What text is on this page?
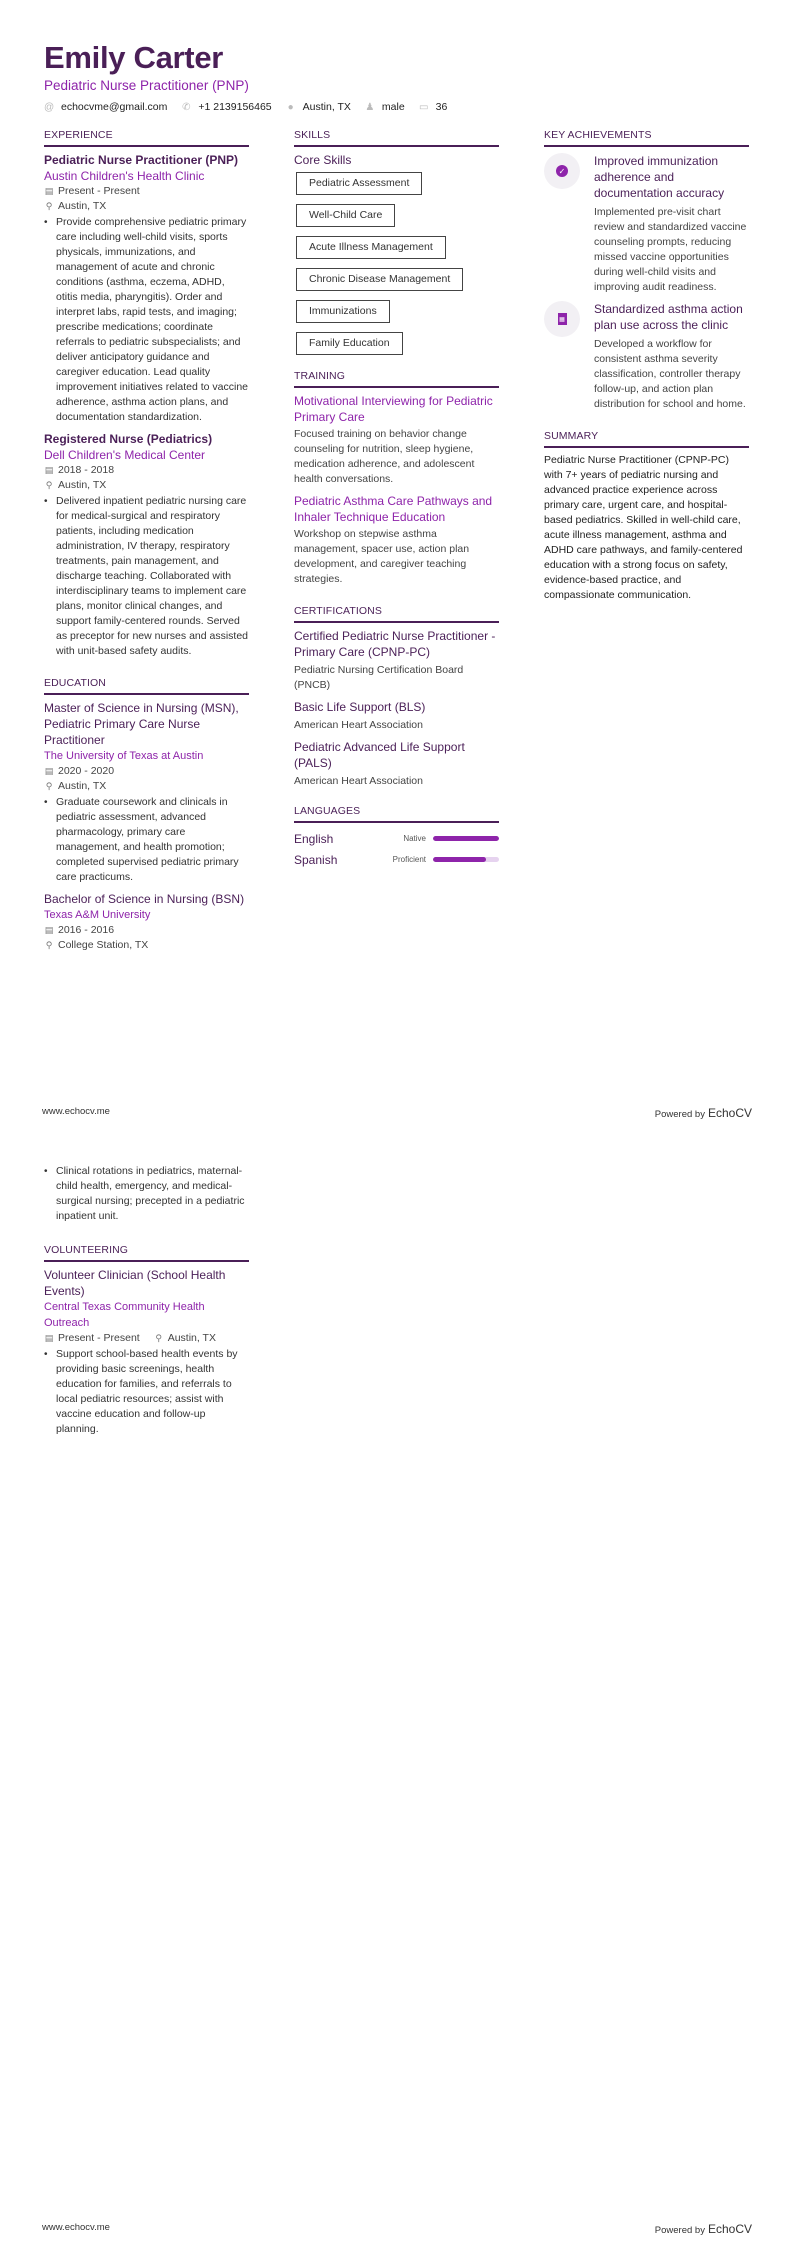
Emily Carter
Pediatric Nurse Practitioner (PNP)
@ echocvme@gmail.com ✆ +1 2139156465 ● Austin, TX ♟ male ▭ 36
EXPERIENCE
Pediatric Nurse Practitioner (PNP)
Austin Children's Health Clinic
▤ Present - Present
⚲ Austin, TX
• Provide comprehensive pediatric primary care including well-child visits, sports physicals, immunizations, and management of acute and chronic conditions (asthma, eczema, ADHD, otitis media, pharyngitis). Order and interpret labs, rapid tests, and imaging; prescribe medications; coordinate referrals to pediatric subspecialists; and deliver anticipatory guidance and caregiver education. Lead quality improvement initiatives related to vaccine adherence, asthma action plans, and documentation standardization.
Registered Nurse (Pediatrics)
Dell Children's Medical Center
▤ 2018 - 2018
⚲ Austin, TX
• Delivered inpatient pediatric nursing care for medical-surgical and respiratory patients, including medication administration, IV therapy, respiratory treatments, pain management, and discharge teaching. Collaborated with interdisciplinary teams to implement care plans, monitor clinical changes, and support family-centered rounds. Served as preceptor for new nurses and assisted with unit-based safety audits.
EDUCATION
Master of Science in Nursing (MSN), Pediatric Primary Care Nurse Practitioner
The University of Texas at Austin
▤ 2020 - 2020
⚲ Austin, TX
• Graduate coursework and clinicals in pediatric assessment, advanced pharmacology, primary care management, and health promotion; completed supervised pediatric primary care practicums.
Bachelor of Science in Nursing (BSN)
Texas A&M University
▤ 2016 - 2016
⚲ College Station, TX
SKILLS
Core Skills
Pediatric Assessment
Well-Child Care
Acute Illness Management
Chronic Disease Management
Immunizations
Family Education
TRAINING
Motivational Interviewing for Pediatric Primary Care
Focused training on behavior change counseling for nutrition, sleep hygiene, medication adherence, and adolescent health conversations.
Pediatric Asthma Care Pathways and Inhaler Technique Education
Workshop on stepwise asthma management, spacer use, action plan development, and caregiver teaching strategies.
CERTIFICATIONS
Certified Pediatric Nurse Practitioner - Primary Care (CPNP-PC)
Pediatric Nursing Certification Board (PNCB)
Basic Life Support (BLS)
American Heart Association
Pediatric Advanced Life Support (PALS)
American Heart Association
LANGUAGES
English	Native
Spanish	Proficient
KEY ACHIEVEMENTS
✓
Improved immunization adherence and documentation accuracy
Implemented pre-visit chart review and standardized vaccine counseling prompts, reducing missed vaccine opportunities during well-child visits and improving audit readiness.
▦
Standardized asthma action plan use across the clinic
Developed a workflow for consistent asthma severity classification, controller therapy follow-up, and action plan distribution for school and home.
SUMMARY
Pediatric Nurse Practitioner (CPNP-PC) with 7+ years of pediatric nursing and advanced practice experience across primary care, urgent care, and hospital-based pediatrics. Skilled in well-child care, acute illness management, asthma and ADHD care pathways, and family-centered education with a strong focus on safety, evidence-based practice, and compassionate communication.
www.echocv.me	Powered by EchoCV
• Clinical rotations in pediatrics, maternal-child health, emergency, and medical-surgical nursing; precepted in a pediatric inpatient unit.
VOLUNTEERING
Volunteer Clinician (School Health Events)
Central Texas Community Health Outreach
▤ Present - Present ⚲ Austin, TX
• Support school-based health events by providing basic screenings, health education for families, and referrals to local pediatric resources; assist with vaccine education and follow-up planning.
www.echocv.me	Powered by EchoCV
